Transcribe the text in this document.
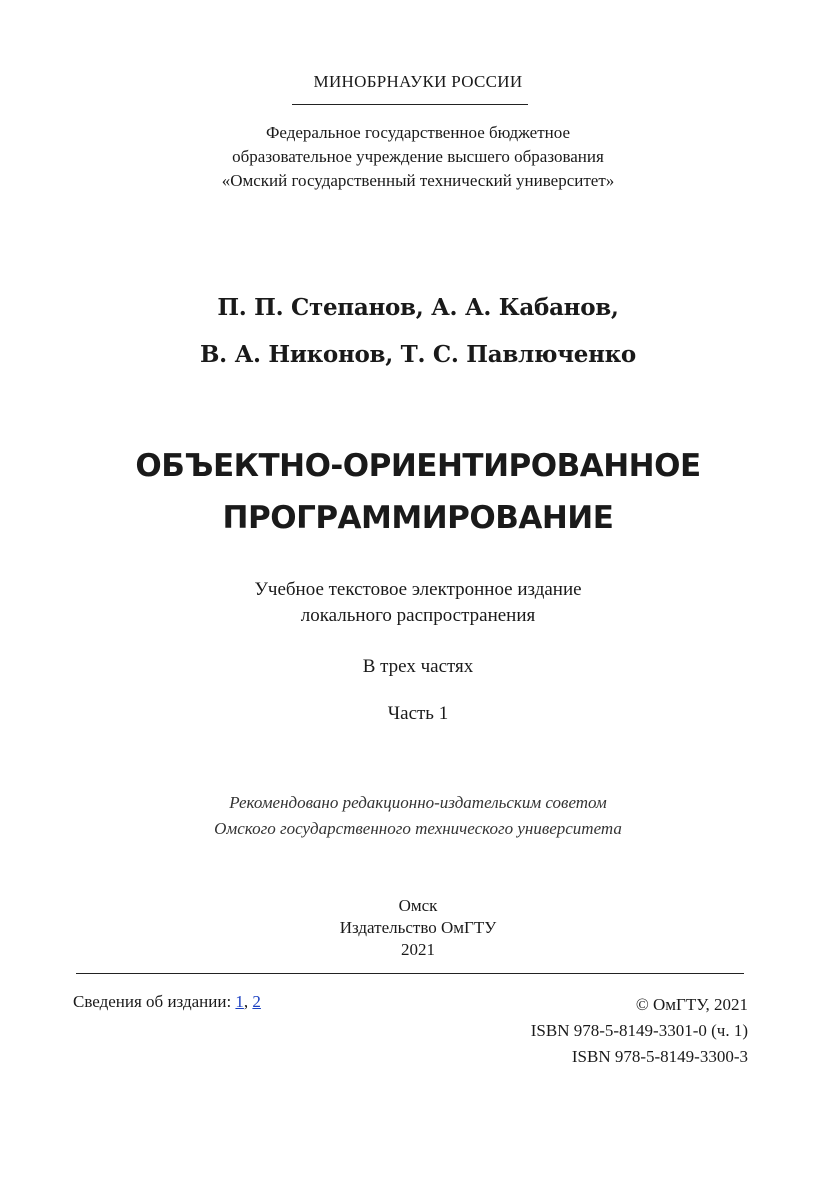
МИНОБРНАУКИ РОССИИ
Федеральное государственное бюджетное
образовательное учреждение высшего образования
«Омский государственный технический университет»
П. П. Степанов, А. А. Кабанов,
В. А. Никонов, Т. С. Павлюченко
ОБЪЕКТНО-ОРИЕНТИРОВАННОЕ
ПРОГРАММИРОВАНИЕ
Учебное текстовое электронное издание
локального распространения
В трех частях
Часть 1
Рекомендовано редакционно-издательским советом
Омского государственного технического университета
Омск
Издательство ОмГТУ
2021
Сведения об издании: 1, 2	© ОмГТУ, 2021
ISBN 978-5-8149-3301-0 (ч. 1)
ISBN 978-5-8149-3300-3
